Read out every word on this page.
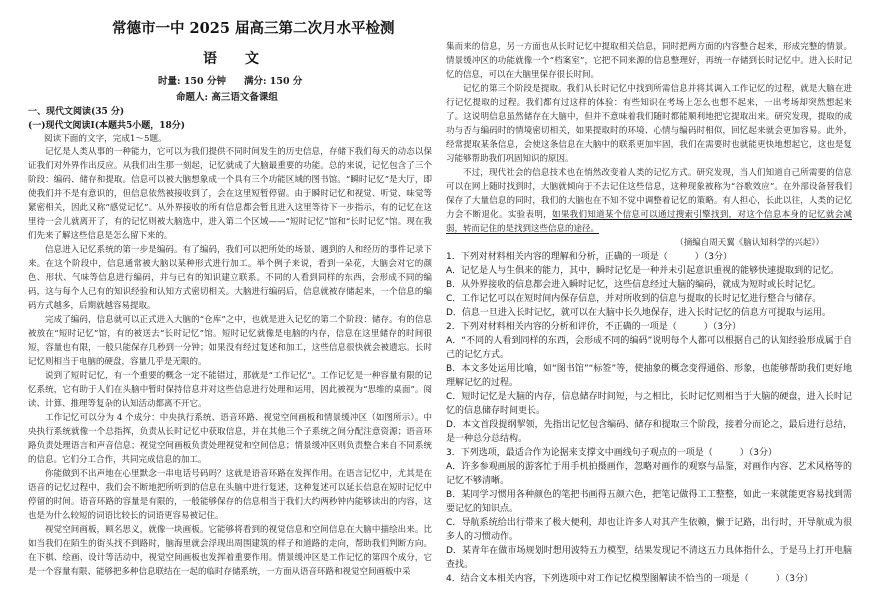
常德市一中 2025 届高三第二次月水平检测
语　　文
时量: 150 分钟 满分: 150 分
命题人: 高三语文备课组
一、现代文阅读(35 分)
(一)现代文阅读Ⅰ(本题共5小题，18分)
阅读下面的文字，完成1～5题。

记忆是人类从事的一种能力，它可以为我们提供不同时间发生的历史信息，存储下我们每天的动态以保证我们对外界作出反应。从我们出生那一刻起，记忆就成了大脑最重要的功能。总的来说，记忆包含了三个阶段：编码、储存和提取。信息可以被大脑想象成一个具有三个功能区域的图书馆。“瞬时记忆”是大厅，即使我们并不是有意识的，但信息依然被接收到了，会在这里短暂停留。由于瞬时记忆和视觉、听觉、味觉等紧密相关，因此又称“感觉记忆”。从外界接收的所有信息都会暂且进入这里等待下一步指示，有的记忆在这里待一会儿就离开了，有的记忆则被大脑选中，进入第二个区域——“短时记忆”馆和“长时记忆”馆。现在我们先来了解这些信息是怎么留下来的。

信息进入记忆系统的第一步是编码。有了编码，我们可以把所处的场景、遇到的人和经历的事件记录下来。在这个阶段中，信息通常被大脑以某种形式进行加工。举个例子来说，看到一朵花，大脑会对它的颜色、形状、气味等信息进行编码，并与已有的知识建立联系。不同的人看到同样的东西，会形成不同的编码，这与每个人已有的知识经验和认知方式密切相关。大脑进行编码后，信息就被存储起来，一个信息的编码方式越多，后期就越容易提取。

完成了编码，信息就可以正式进入大脑的“仓库”之中，也就是进入记忆的第二个阶段：储存。有的信息被放在“短时记忆”馆，有的被送去“长时记忆”馆。短时记忆就像是电脑的内存，信息在这里储存的时间很短，容量也有限，一般只能保存几秒到一分钟；如果没有经过复述和加工，这些信息很快就会被遗忘。长时记忆则相当于电脑的硬盘，容量几乎是无限的。

说到了短时记忆，有一个重要的概念一定不能错过，那就是“工作记忆”。工作记忆是一种容量有限的记忆系统，它有助于人们在头脑中暂时保持信息并对这些信息进行处理和运用，因此被视为“思维的桌面”。阅读、计算、推理等复杂的认知活动都离不开它。

工作记忆可以分为 4 个成分：中央执行系统、语音环路、视觉空间画板和情景缓冲区（如图所示）。中央执行系统就像一个总指挥，负责从长时记忆中获取信息，并在其他三个子系统之间分配注意资源；语音环路负责处理语言和声音信息；视觉空间画板负责处理视觉和空间信息；情景缓冲区则负责整合来自不同系统的信息。它们分工合作，共同完成信息的加工。

你能做到不出声地在心里默念一串电话号码吗？这就是语音环路在发挥作用。在语言记忆中，尤其是在语音的记忆过程中，我们会不断地把所听到的信息在头脑中进行复述，这种复述可以延长信息在短时记忆中停留的时间。语音环路的容量是有限的，一般能够保存的信息相当于我们大约两秒钟内能够读出的内容，这也是为什么较短的词语比较长的词语更容易被记住。

视觉空间画板，顾名思义，就像一块画板。它能够将看到的视觉信息和空间信息在大脑中描绘出来。比如当我们在陌生的街头找不到路时，脑海里就会浮现出周围建筑的样子和道路的走向，帮助我们判断方向。在下棋、绘画、设计等活动中，视觉空间画板也发挥着重要作用。情景缓冲区是工作记忆的第四个成分，它是一个容量有限、能够把多种信息联结在一起的临时存储系统，一方面从语音环路和视觉空间画板中采

集而来的信息，另一方面也从长时记忆中提取相关信息，同时把两方面的内容整合起来，形成完整的情景。情景缓冲区的功能就像一个“档案室”，它把不同来源的信息整理好，再统一存储到长时记忆中。进入长时记忆的信息，可以在大脑里保存很长时间。

记忆的第三个阶段是提取。我们从长时记忆中找到所需信息并将其调入工作记忆的过程，就是大脑在进行记忆提取的过程。我们都有过这样的体验：有些知识在考场上怎么也想不起来，一出考场却突然想起来了。这说明信息虽然储存在大脑中，但并不意味着我们随时都能顺利地把它提取出来。研究发现，提取的成功与否与编码时的情境密切相关，如果提取时的环境、心情与编码时相似，回忆起来就会更加容易。此外，经常提取某条信息，会使这条信息在大脑中的联系更加牢固，我们在需要时也就能更快地想起它，这也是复习能够帮助我们巩固知识的原因。

不过，现代社会的信息技术也在悄然改变着人类的记忆方式。研究发现，当人们知道自己所需要的信息可以在网上随时找到时，大脑就倾向于不去记住这些信息，这种现象被称为“谷歌效应”。在外部设备替我们保存了大量信息的同时，我们的大脑也在不知不觉中调整着记忆的策略。有人担心，长此以往，人类的记忆力会不断退化。实验表明，如果我们知道某个信息可以通过搜索引擎找到，对这个信息本身的记忆就会减弱，转而记住的是找到这些信息的途径。

（摘编自周天翼《脑认知科学的兴起》）

1．下列对材料相关内容的理解和分析，正确的一项是（　　　）（3分）

A．记忆是人与生俱来的能力，其中，瞬时记忆是一种并未引起意识重视的能够快速提取到的记忆。

B．从外界接收的信息都会进入瞬时记忆，这些信息经过大脑的编码，就成为短时或长时记忆。

C．工作记忆可以在短时间内保存信息，并对所收到的信息与提取的长时记忆进行整合与储存。

D．信息一旦进入长时记忆，就可以在大脑中长久地保存，进入长时记忆的信息方可提取与运用。

2．下列对材料相关内容的分析和评价，不正确的一项是（　　　）（3分）

A．“不同的人看到同样的东西，会形成不同的编码”说明每个人都可以根据自己的认知经验形成属于自己的记忆方式。

B．本文多处运用比喻，如“图书馆”“标签”等，使抽象的概念变得通俗、形象，也能够帮助我们更好地理解记忆的过程。

C．短时记忆是大脑的内存，信息储存时间短，与之相比，长时记忆则相当于大脑的硬盘，进入长时记忆的信息储存时间更长。

D．本文首段提纲挈领，先指出记忆包含编码、储存和提取三个阶段，接着分而论之，最后进行总结，是一种总分总结构。

3．下列选项，最适合作为论据来支撑文中画线句子观点的一项是（　　　）（3分）

A．许多参观画展的游客忙于用手机拍摄画作，忽略对画作的观察与品鉴，对画作内容、艺术风格等的记忆不够清晰。

B．某同学习惯用各种颜色的笔把书画得五颜六色，把笔记做得工工整整，如此一来就能更容易找到需要记忆的知识点。

C．导航系统给出行带来了极大便利，却也让许多人对其产生依赖，懒于记路，出行时，开导航成为很多人的习惯动作。

D．某青年在做市场规划时想用波特五力模型，结果发现记不清这五力具体指什么，于是马上打开电脑查找。

4．结合文本相关内容，下列选项中对工作记忆模型图解读不恰当的一项是（　　　）（3分）
